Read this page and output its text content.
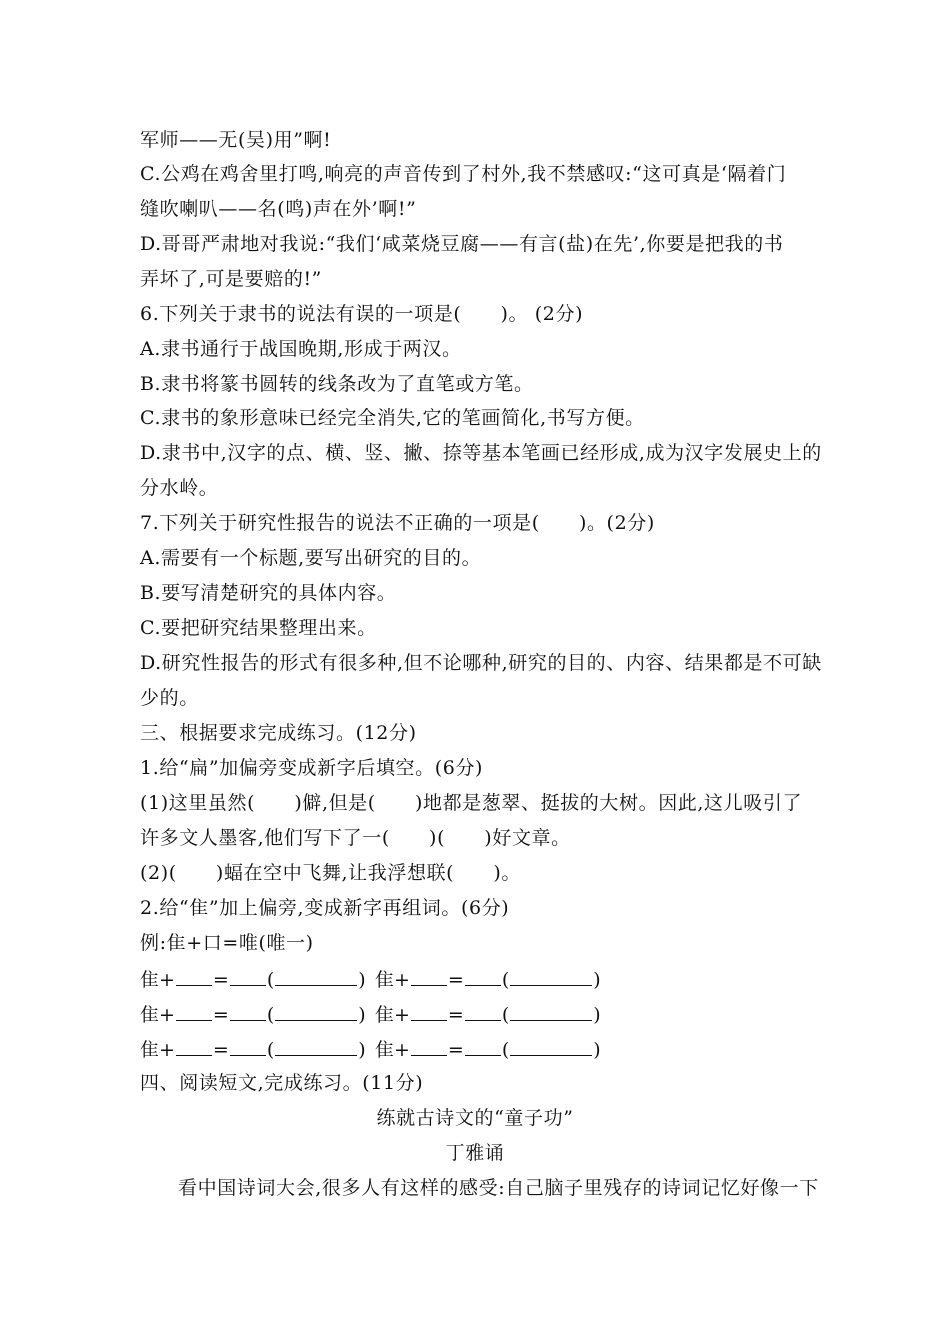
军师——无(吴)用”啊!
C.公鸡在鸡舍里打鸣,响亮的声音传到了村外,我不禁感叹:“这可真是‘隔着门
缝吹喇叭——名(鸣)声在外’啊!”
D.哥哥严肃地对我说:“我们‘咸菜烧豆腐——有言(盐)在先’,你要是把我的书
弄坏了,可是要赔的!”
6.下列关于隶书的说法有误的一项是(　　)。 (2分)
A.隶书通行于战国晚期,形成于两汉。
B.隶书将篆书圆转的线条改为了直笔或方笔。
C.隶书的象形意味已经完全消失,它的笔画简化,书写方便。
D.隶书中,汉字的点、横、竖、撇、捺等基本笔画已经形成,成为汉字发展史上的
分水岭。
7.下列关于研究性报告的说法不正确的一项是(　　)。(2分)
A.需要有一个标题,要写出研究的目的。
B.要写清楚研究的具体内容。
C.要把研究结果整理出来。
D.研究性报告的形式有很多种,但不论哪种,研究的目的、内容、结果都是不可缺
少的。
三、根据要求完成练习。(12分)
1.给“扁”加偏旁变成新字后填空。(6分)
(1)这里虽然(　　)僻,但是(　　)地都是葱翠、挺拔的大树。因此,这儿吸引了
许多文人墨客,他们写下了一(　　)(　　)好文章。
(2)(　　)蝠在空中飞舞,让我浮想联(　　)。
2.给“隹”加上偏旁,变成新字再组词。(6分)
例:隹+口=唯(唯一)
隹+ = (	) 隹+ = (	)
隹+ = (	) 隹+ = (	)
隹+ = (	) 隹+ = (	)
四、阅读短文,完成练习。(11分)
练就古诗文的“童子功”
丁雅诵
看中国诗词大会,很多人有这样的感受:自己脑子里残存的诗词记忆好像一下
